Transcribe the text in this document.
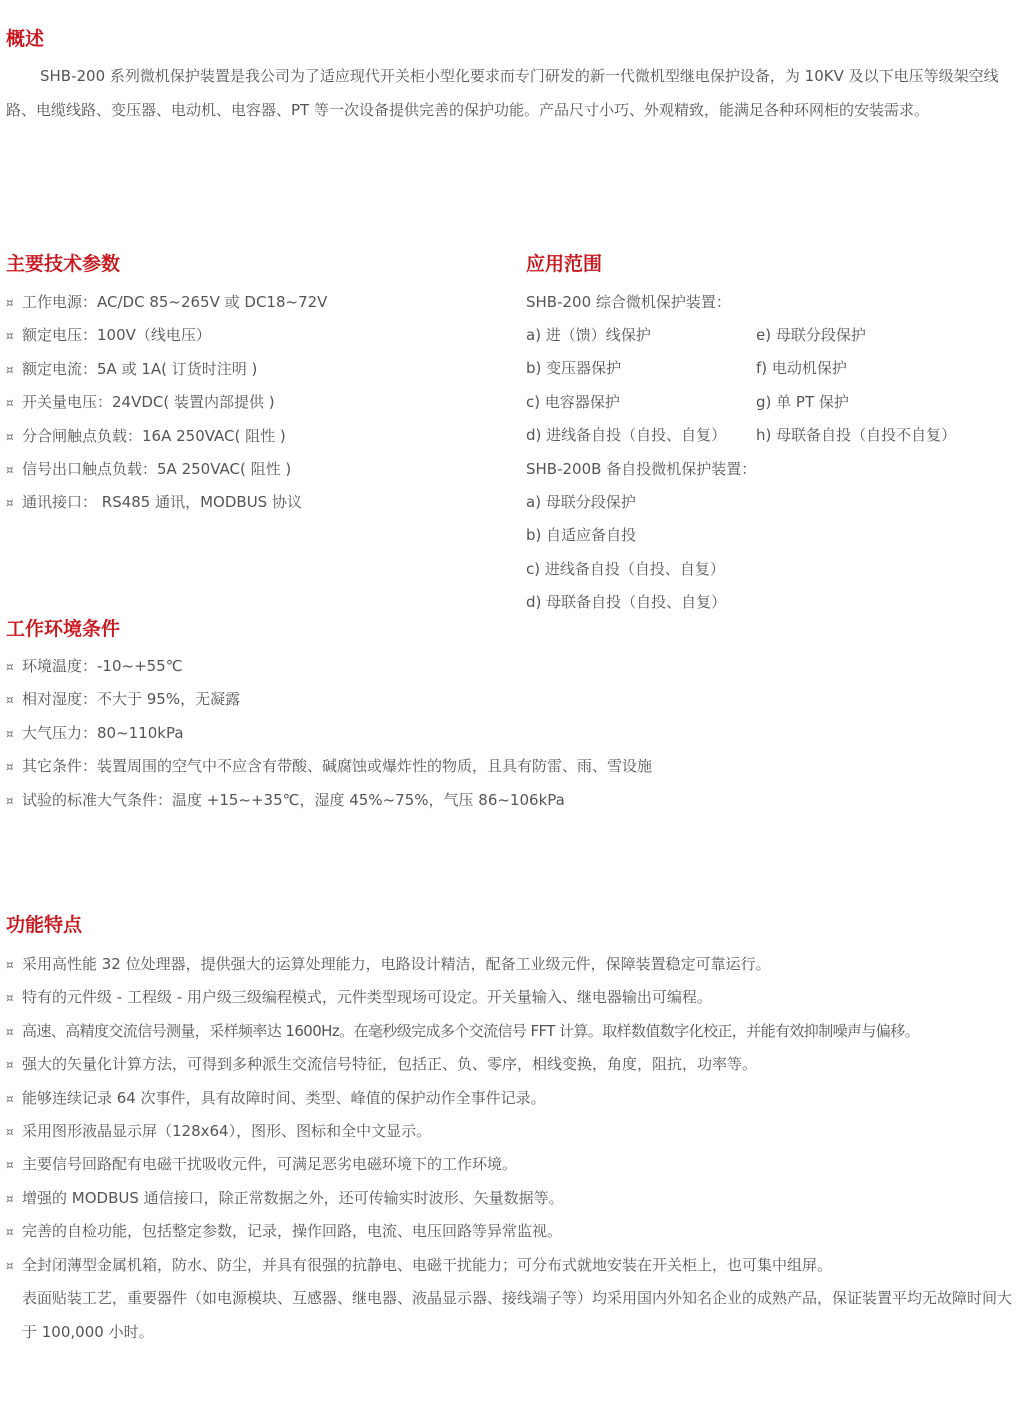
概述

SHB-200 系列微机保护装置是我公司为了适应现代开关柜小型化要求而专门研发的新一代微机型继电保护设备，为 10KV 及以下电压等级架空线路、电缆线路、变压器、电动机、电容器、PT 等一次设备提供完善的保护功能。产品尺寸小巧、外观精致，能满足各种环网柜的安装需求。

主要技术参数
¤ 工作电源：AC/DC 85~265V 或 DC18~72V
¤ 额定电压：100V（线电压）
¤ 额定电流：5A 或 1A( 订货时注明 )
¤ 开关量电压：24VDC( 装置内部提供 )
¤ 分合闸触点负载：16A 250VAC( 阻性 )
¤ 信号出口触点负载：5A 250VAC( 阻性 )
¤ 通讯接口： RS485 通讯，MODBUS 协议
应用范围

SHB-200 综合微机保护装置：

a) 进（馈）线保护	e) 母联分段保护
b) 变压器保护	f) 电动机保护
c) 电容器保护	g) 单 PT 保护
d) 进线备自投（自投、自复）	h) 母联备自投（自投不自复）

SHB-200B 备自投微机保护装置：

a) 母联分段保护
b) 自适应备自投
c) 进线备自投（自投、自复）
d) 母联备自投（自投、自复）
工作环境条件
¤ 环境温度：-10~+55℃
¤ 相对湿度：不大于 95%，无凝露
¤ 大气压力：80~110kPa
¤ 其它条件：装置周围的空气中不应含有带酸、碱腐蚀或爆炸性的物质，且具有防雷、雨、雪设施
¤ 试验的标准大气条件：温度 +15~+35℃，湿度 45%~75%，气压 86~106kPa
功能特点
¤ 采用高性能 32 位处理器，提供强大的运算处理能力，电路设计精洁，配备工业级元件，保障装置稳定可靠运行。
¤ 特有的元件级 - 工程级 - 用户级三级编程模式，元件类型现场可设定。开关量输入、继电器输出可编程。
¤ 高速、高精度交流信号测量，采样频率达 1600Hz。在毫秒级完成多个交流信号 FFT 计算。取样数值数字化校正，并能有效抑制噪声与偏移。
¤ 强大的矢量化计算方法，可得到多种派生交流信号特征，包括正、负、零序，相线变换，角度，阻抗，功率等。
¤ 能够连续记录 64 次事件，具有故障时间、类型、峰值的保护动作全事件记录。
¤ 采用图形液晶显示屏（128x64），图形、图标和全中文显示。
¤ 主要信号回路配有电磁干扰吸收元件，可满足恶劣电磁环境下的工作环境。
¤ 增强的 MODBUS 通信接口，除正常数据之外，还可传输实时波形、矢量数据等。
¤ 完善的自检功能，包括整定参数，记录，操作回路，电流、电压回路等异常监视。
¤ 全封闭薄型金属机箱，防水、防尘，并具有很强的抗静电、电磁干扰能力；可分布式就地安装在开关柜上，也可集中组屏。
表面贴装工艺，重要器件（如电源模块、互感器、继电器、液晶显示器、接线端子等）均采用国内外知名企业的成熟产品，保证装置平均无故障时间大于 100,000 小时。
